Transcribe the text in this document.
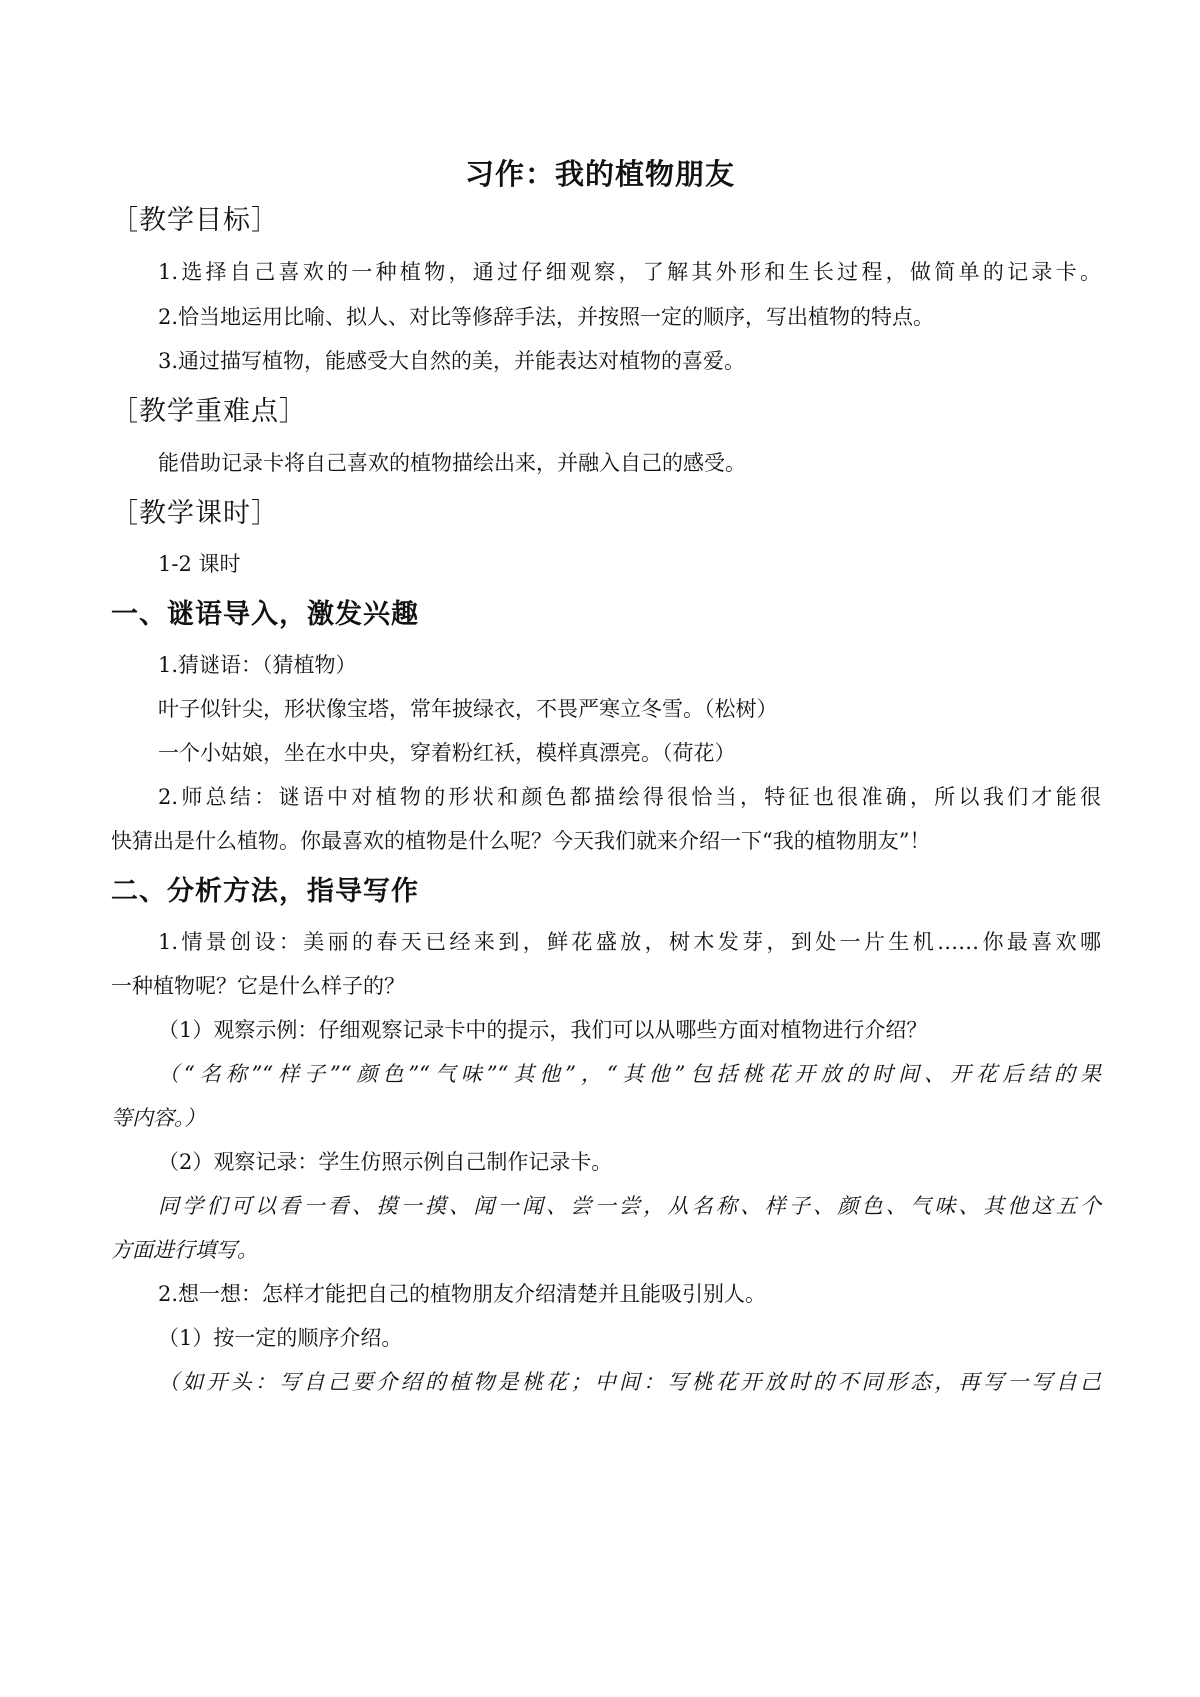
习作：我的植物朋友
［教学目标］
1.选择自己喜欢的一种植物，通过仔细观察，了解其外形和生长过程，做简单的记录卡。
2.恰当地运用比喻、拟人、对比等修辞手法，并按照一定的顺序，写出植物的特点。
3.通过描写植物，能感受大自然的美，并能表达对植物的喜爱。
［教学重难点］
能借助记录卡将自己喜欢的植物描绘出来，并融入自己的感受。
［教学课时］
1-2 课时
一、谜语导入，激发兴趣
1.猜谜语：（猜植物）
叶子似针尖，形状像宝塔，常年披绿衣，不畏严寒立冬雪。（松树）
一个小姑娘，坐在水中央，穿着粉红袄，模样真漂亮。（荷花）
2.师总结：谜语中对植物的形状和颜色都描绘得很恰当，特征也很准确，所以我们才能很
快猜出是什么植物。你最喜欢的植物是什么呢？今天我们就来介绍一下“我的植物朋友”！
二、分析方法，指导写作
1.情景创设：美丽的春天已经来到，鲜花盛放，树木发芽，到处一片生机……你最喜欢哪
一种植物呢？它是什么样子的？
（1）观察示例：仔细观察记录卡中的提示，我们可以从哪些方面对植物进行介绍？
（“名称”“样子”“颜色”“气味”“其他”，“其他”包括桃花开放的时间、开花后结的果
等内容。）
（2）观察记录：学生仿照示例自己制作记录卡。
同学们可以看一看、摸一摸、闻一闻、尝一尝，从名称、样子、颜色、气味、其他这五个
方面进行填写。
2.想一想：怎样才能把自己的植物朋友介绍清楚并且能吸引别人。
（1）按一定的顺序介绍。
（如开头：写自己要介绍的植物是桃花；中间：写桃花开放时的不同形态，再写一写自己
